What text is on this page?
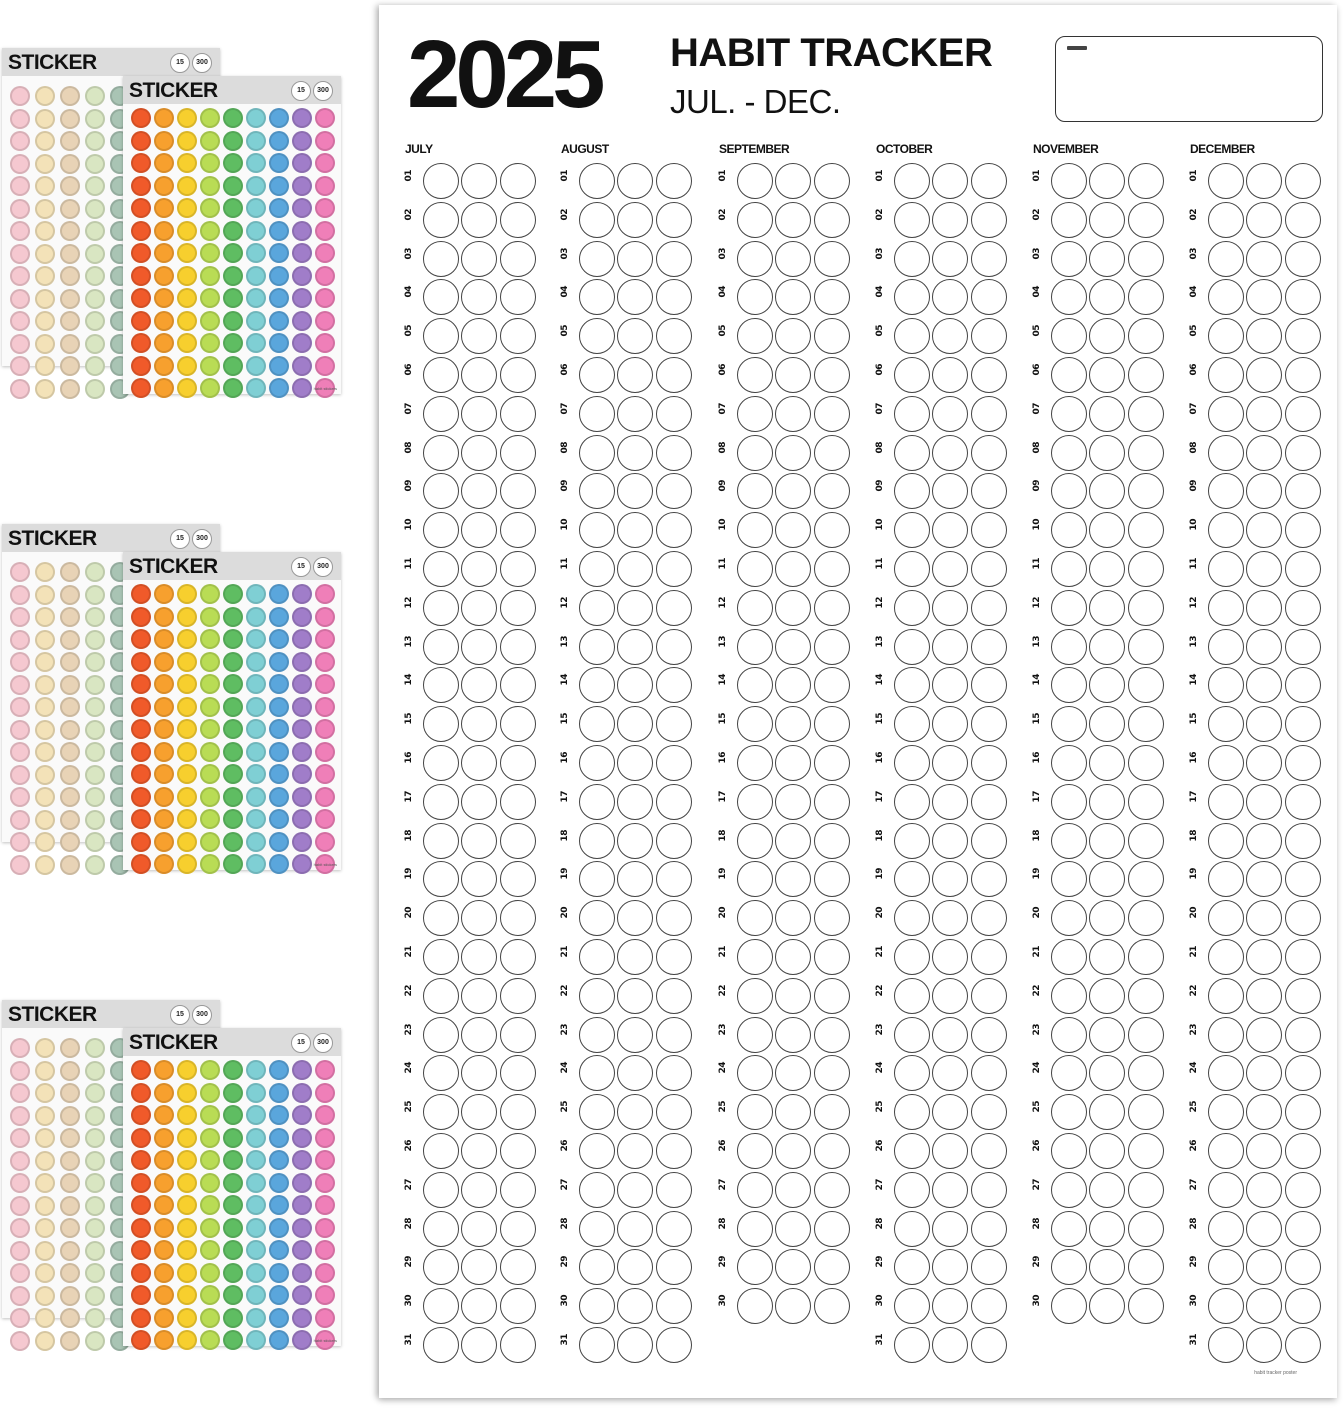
STICKER	15	300
STICKER	15	300
habit stickers
STICKER	15	300
STICKER	15	300
habit stickers
STICKER	15	300
STICKER	15	300
habit stickers
2025 HABIT TRACKER
JUL. - DEC.
JULY
01
02
03
04
05
06
07
08
09
10
11
12
13
14
15
16
17
18
19
20
21
22
23
24
25
26
27
28
29
30
31
AUGUST
01
02
03
04
05
06
07
08
09
10
11
12
13
14
15
16
17
18
19
20
21
22
23
24
25
26
27
28
29
30
31
SEPTEMBER
01
02
03
04
05
06
07
08
09
10
11
12
13
14
15
16
17
18
19
20
21
22
23
24
25
26
27
28
29
30
OCTOBER
01
02
03
04
05
06
07
08
09
10
11
12
13
14
15
16
17
18
19
20
21
22
23
24
25
26
27
28
29
30
31
NOVEMBER
01
02
03
04
05
06
07
08
09
10
11
12
13
14
15
16
17
18
19
20
21
22
23
24
25
26
27
28
29
30
DECEMBER
01
02
03
04
05
06
07
08
09
10
11
12
13
14
15
16
17
18
19
20
21
22
23
24
25
26
27
28
29
30
31
habit tracker poster
